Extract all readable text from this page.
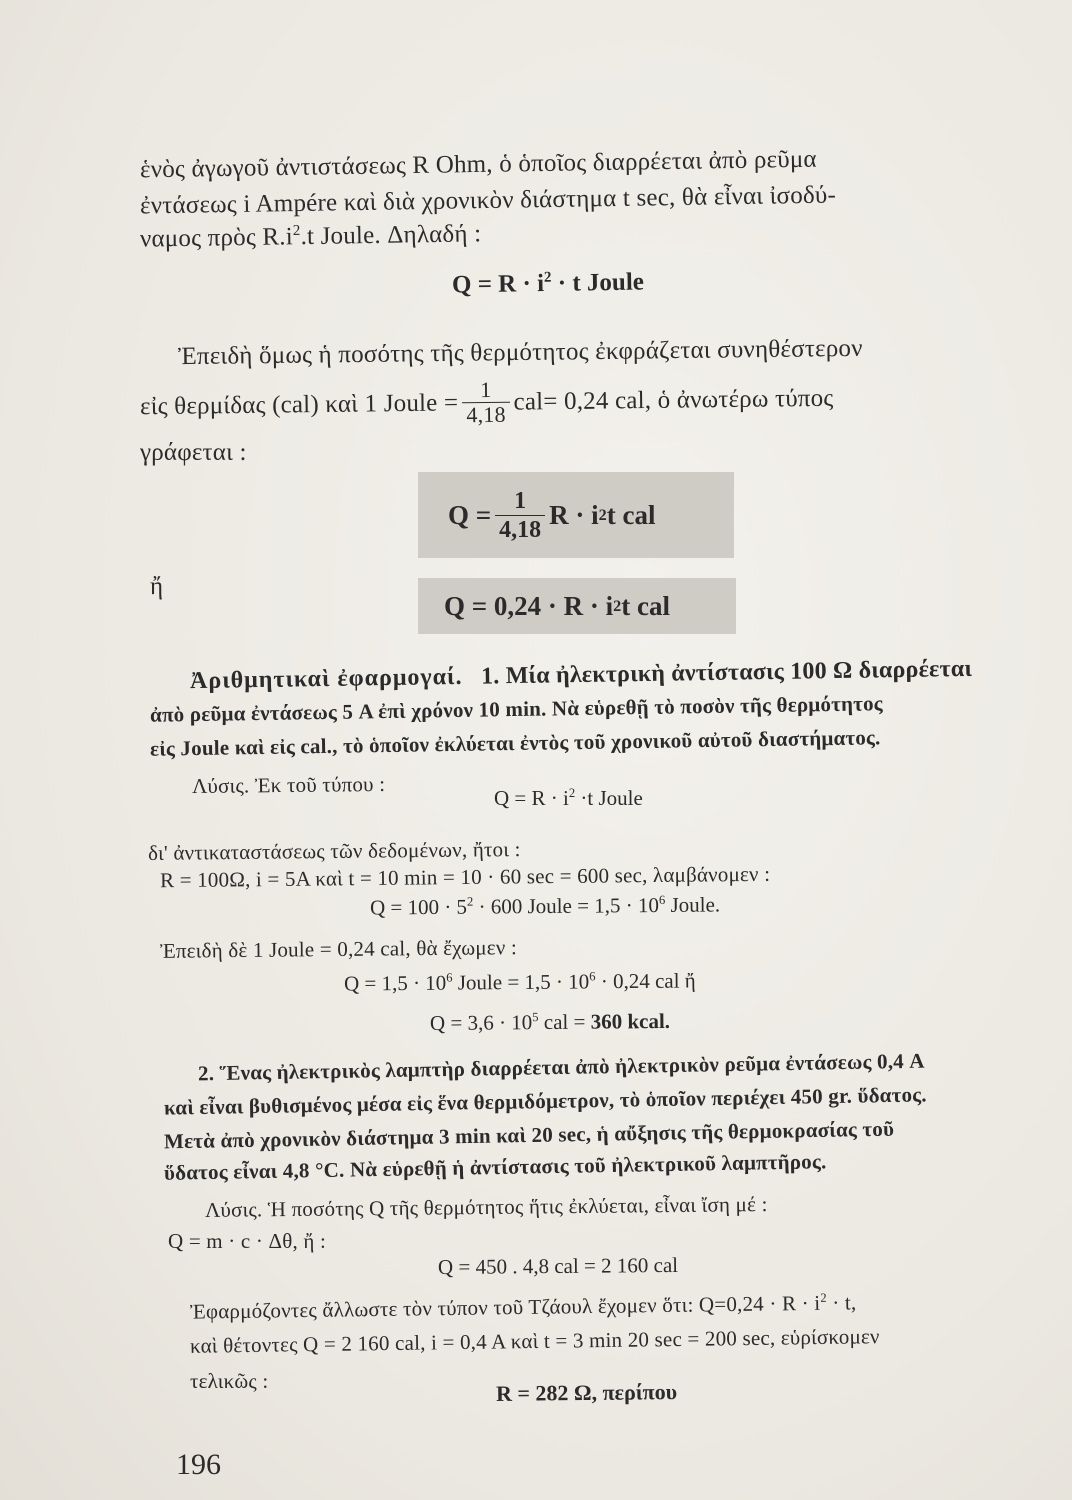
ἑνὸς ἀγωγοῦ ἀντιστάσεως R Ohm, ὁ ὁποῖος διαρρέεται ἀπὸ ρεῦμα
ἐντάσεως i Ampére καὶ διὰ χρονικὸν διάστημα t sec, θὰ εἶναι ἰσοδύ-
ναμος πρὸς $R.i^2.t$ Joule. Δηλαδή :
$Q = R \cdot i^2 \cdot t$ Joule
Ἐπειδὴ ὅμως ἡ ποσότης τῆς θερμότητος ἐκφράζεται συνηθέστερον
εἰς θερμίδας (cal) καὶ 1 Joule = $\frac{1}{4,18} cal= 0,24$ cal, ὁ ἀνωτέρω τύπος
γράφεται :
$Q = \frac{1}{4,18}$ R · i 2 t cal
ἤ
Q = 0,24 · R · i 2 t cal
Ἀριθμητικαὶ ἐφαρμογαί. 1. Μία ἠλεκτρικὴ ἀντίστασις 100 Ω διαρρέεται
ἀπὸ ρεῦμα ἐντάσεως 5 A ἐπὶ χρόνον 10 min. Νὰ εὑρεθῇ τὸ ποσὸν τῆς θερμότητος
εἰς Joule καὶ εἰς cal., τὸ ὁποῖον ἐκλύεται ἐντὸς τοῦ χρονικοῦ αὐτοῦ διαστήματος.
Λύσις. Ἐκ τοῦ τύπου :
$Q = R \cdot i^2 \cdot t$ Joule
δι' ἀντικαταστάσεως τῶν δεδομένων, ἤτοι :
R = 100Ω, i = 5A καὶ t = 10 min = 10 · 60 sec = 600 sec, λαμβάνομεν :
$Q = 100 \cdot 5^2 \cdot 600$ Joule = $1,5 \cdot 10^6$ Joule.
Ἐπειδὴ δὲ 1 Joule = 0,24 cal, θὰ ἔχωμεν :
$Q = 1,5 \cdot 10^6$ Joule = $1,5 \cdot 10^6 \cdot 0,24$ cal ἤ
$Q = 3,6 \cdot 10^5$ cal = 360 kcal.
2. Ἕνας ἠλεκτρικὸς λαμπτὴρ διαρρέεται ἀπὸ ἠλεκτρικὸν ρεῦμα ἐντάσεως 0,4 A
καὶ εἶναι βυθισμένος μέσα εἰς ἕνα θερμιδόμετρον, τὸ ὁποῖον περιέχει 450 gr. ὕδατος.
Μετὰ ἀπὸ χρονικὸν διάστημα 3 min καὶ 20 sec, ἡ αὔξησις τῆς θερμοκρασίας τοῦ
ὕδατος εἶναι 4,8 °C. Νὰ εὑρεθῇ ἡ ἀντίστασις τοῦ ἠλεκτρικοῦ λαμπτῆρος.
Λύσις. Ἡ ποσότης Q τῆς θερμότητος ἥτις ἐκλύεται, εἶναι ἴση μέ :
Q = m · c · Δθ, ἤ :
Q = 450 . 4,8 cal = 2 160 cal
Ἐφαρμόζοντες ἄλλωστε τὸν τύπον τοῦ Τζάουλ ἔχομεν ὅτι: $Q=0,24 \cdot R \cdot i^2 \cdot t$,
καὶ θέτοντες Q = 2 160 cal, i = 0,4 A καὶ t = 3 min 20 sec = 200 sec, εὑρίσκομεν
τελικῶς :	R = 282 Ω, περίπου
196
